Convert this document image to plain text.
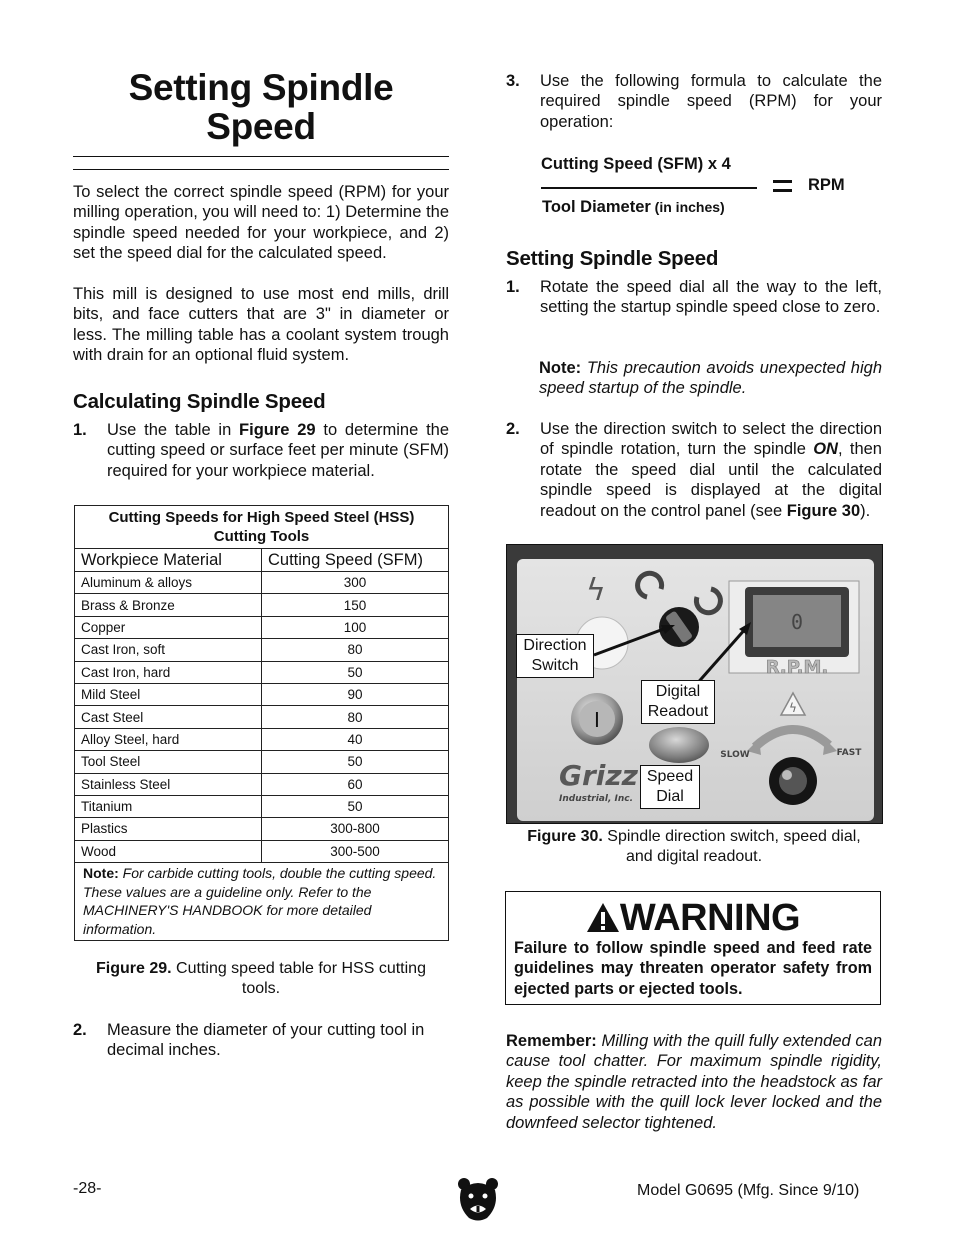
Setting Spindle
Speed

To select the correct spindle speed (RPM) for your milling operation, you will need to: 1) Determine the spindle speed needed for your workpiece, and 2) set the speed dial for the calculated speed.

This mill is designed to use most end mills, drill bits, and face cutters that are 3" in diameter or less. The milling table has a coolant system trough with drain for an optional fluid system.

Calculating Spindle Speed
1.	Use the table in Figure 29 to determine the cutting speed or surface feet per minute (SFM) required for your workpiece material.
Cutting Speeds for High Speed Steel (HSS)
Cutting Tools	

Workpiece Material	Cutting Speed (SFM)
Aluminum & alloys	300
Brass & Bronze	150
Copper	100
Cast Iron, soft	80
Cast Iron, hard	50
Mild Steel	90
Cast Steel	80
Alloy Steel, hard	40
Tool Steel	50
Stainless Steel	60
Titanium	50
Plastics	300-800
Wood	300-500
Note: For carbide cutting tools, double the cutting speed. These values are a guideline only. Refer to the MACHINERY'S HANDBOOK for more detailed information.	

Figure 29. Cutting speed table for HSS cutting tools.

2.	Measure the diameter of your cutting tool in decimal inches.
3.	Use the following formula to calculate the required spindle speed (RPM) for your operation:
Cutting Speed (SFM) x 4
Tool Diameter (in inches)
RPM
Setting Spindle Speed
1.	Rotate the speed dial all the way to the left, setting the startup spindle speed close to zero.

Note: This precaution avoids unexpected high speed startup of the spindle.

2.	Use the direction switch to select the direction of spindle rotation, turn the spindle ON, then rotate the speed dial until the calculated spindle speed is displayed at the digital readout on the control panel (see Figure 30).
ϟ
0
R.P.M.
ϟ
I
SLOW	FAST
Grizz
Industrial, Inc.
Direction
Switch
Digital
Readout
Speed
Dial

Figure 30. Spindle direction switch, speed dial,
and digital readout.

WARNING

Failure to follow spindle speed and feed rate guidelines may threaten operator safety from ejected parts or ejected tools.

Remember: Milling with the quill fully extended can cause tool chatter. For maximum spindle rigidity, keep the spindle retracted into the headstock as far as possible with the quill lock lever locked and the downfeed selector tightened.

-28-	Model G0695 (Mfg. Since 9/10)
